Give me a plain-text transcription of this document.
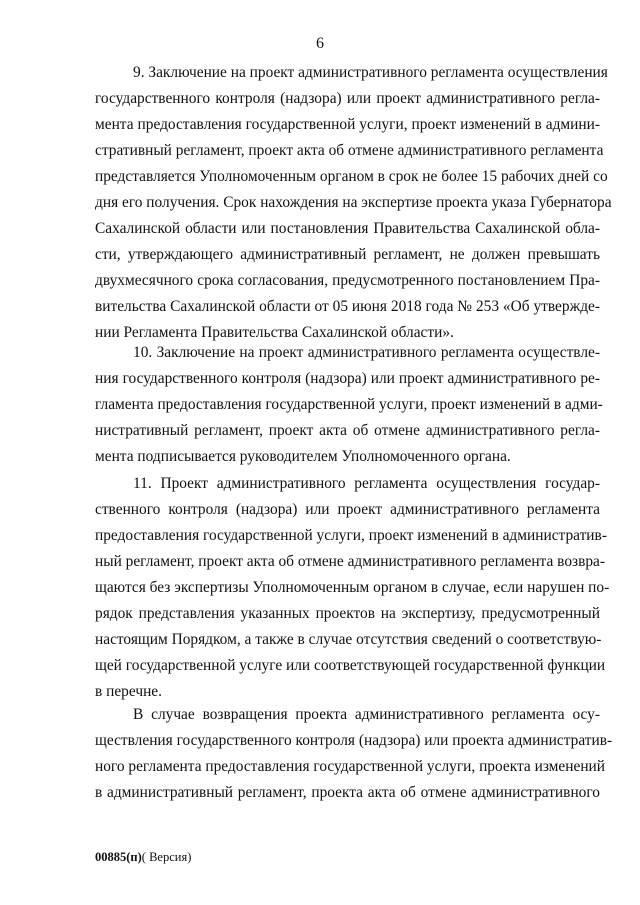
6
9. Заключение на проект административного регламента осуществления
государственного контроля (надзора) или проект административного регла-
мента предоставления государственной услуги, проект изменений в админи-
стративный регламент, проект акта об отмене административного регламента
представляется Уполномоченным органом в срок не более 15 рабочих дней со
дня его получения. Срок нахождения на экспертизе проекта указа Губернатора
Сахалинской области или постановления Правительства Сахалинской обла-
сти, утверждающего административный регламент, не должен превышать
двухмесячного срока согласования, предусмотренного постановлением Пра-
вительства Сахалинской области от 05 июня 2018 года № 253 «Об утвержде-
нии Регламента Правительства Сахалинской области».
10. Заключение на проект административного регламента осуществле-
ния государственного контроля (надзора) или проект административного ре-
гламента предоставления государственной услуги, проект изменений в адми-
нистративный регламент, проект акта об отмене административного регла-
мента подписывается руководителем Уполномоченного органа.
11. Проект административного регламента осуществления государ-
ственного контроля (надзора) или проект административного регламента
предоставления государственной услуги, проект изменений в административ-
ный регламент, проект акта об отмене административного регламента возвра-
щаются без экспертизы Уполномоченным органом в случае, если нарушен по-
рядок представления указанных проектов на экспертизу, предусмотренный
настоящим Порядком, а также в случае отсутствия сведений о соответствую-
щей государственной услуге или соответствующей государственной функции
в перечне.
В случае возвращения проекта административного регламента осу-
ществления государственного контроля (надзора) или проекта административ-
ного регламента предоставления государственной услуги, проекта изменений
в административный регламент, проекта акта об отмене административного
00885(п)( Версия)
